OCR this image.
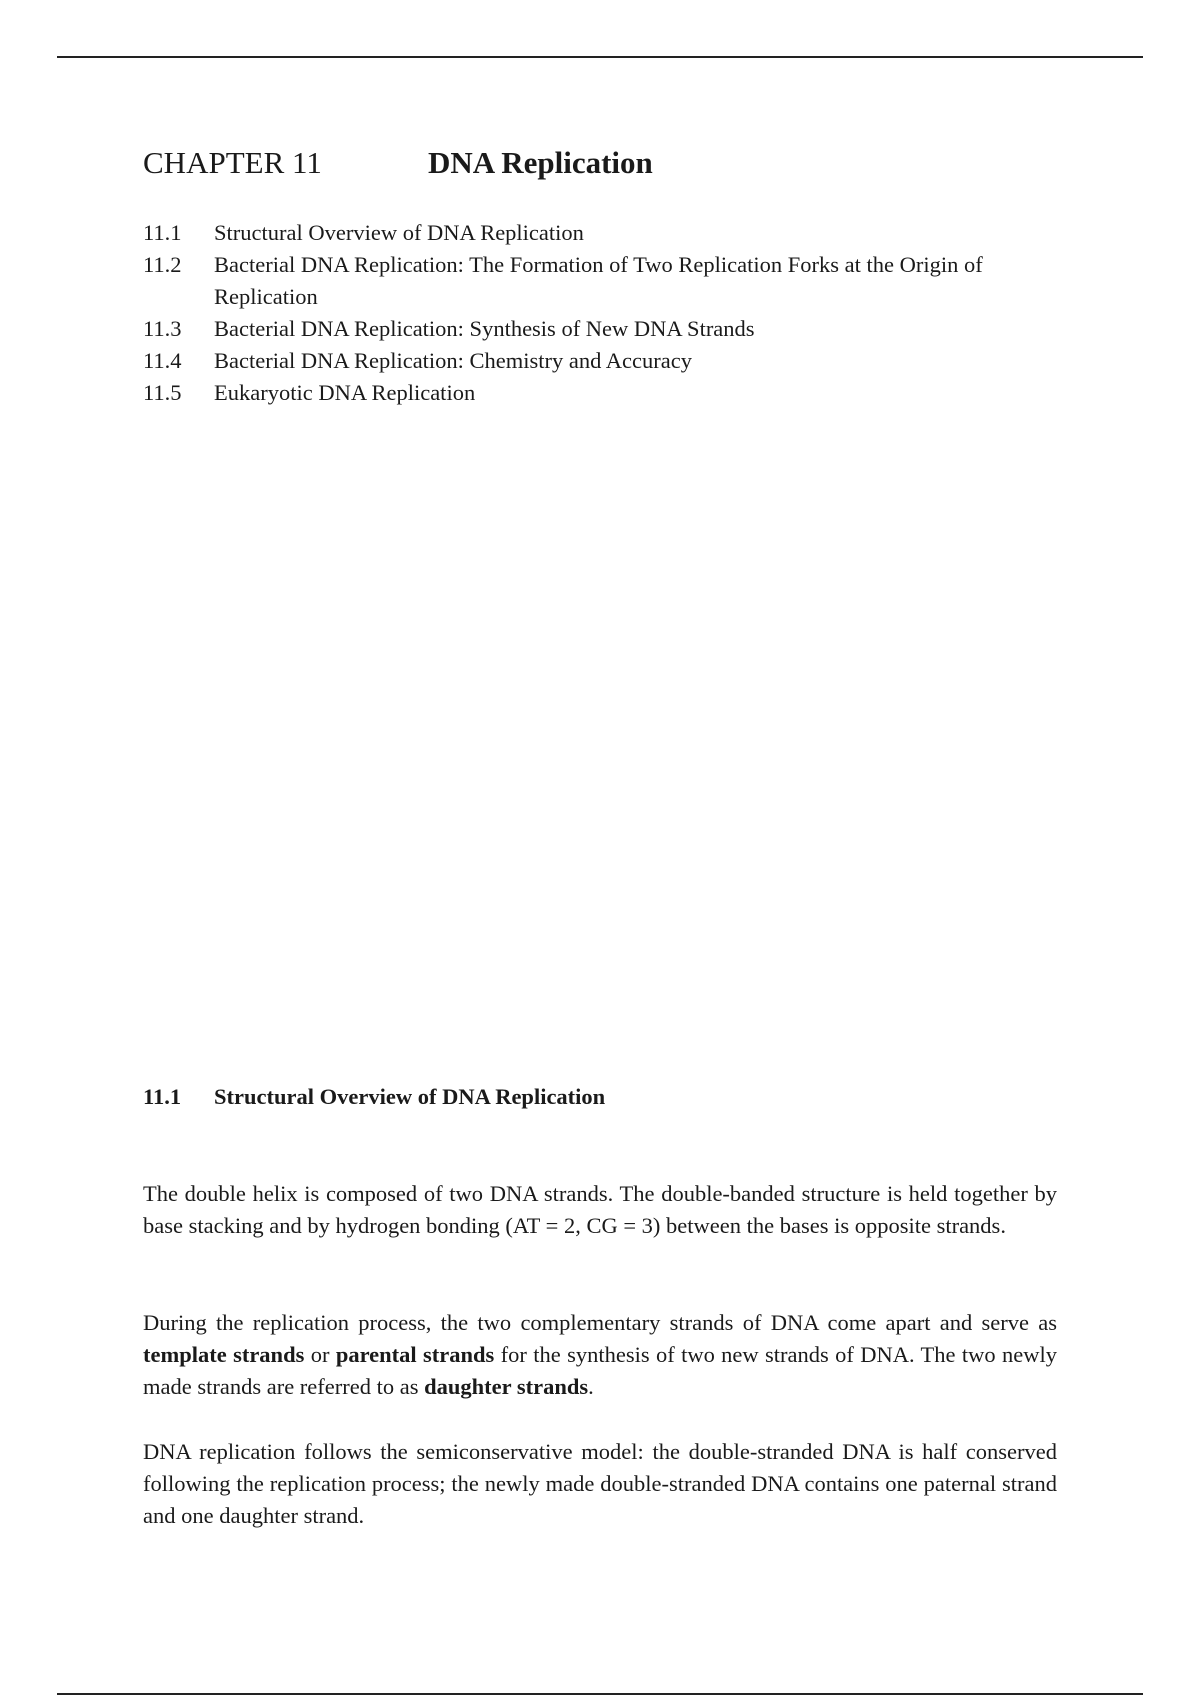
CHAPTER 11	DNA Replication
11.1	Structural Overview of DNA Replication
11.2	Bacterial DNA Replication: The Formation of Two Replication Forks at the Origin of Replication
11.3	Bacterial DNA Replication: Synthesis of New DNA Strands
11.4	Bacterial DNA Replication: Chemistry and Accuracy
11.5	Eukaryotic DNA Replication
11.1	Structural Overview of DNA Replication

The double helix is composed of two DNA strands. The double-banded structure is held together by base stacking and by hydrogen bonding (AT = 2, CG = 3) between the bases is opposite strands.

During the replication process, the two complementary strands of DNA come apart and serve as template strands or parental strands for the synthesis of two new strands of DNA. The two newly made strands are referred to as daughter strands.

DNA replication follows the semiconservative model: the double-stranded DNA is half conserved following the replication process; the newly made double-stranded DNA contains one paternal strand and one daughter strand.
